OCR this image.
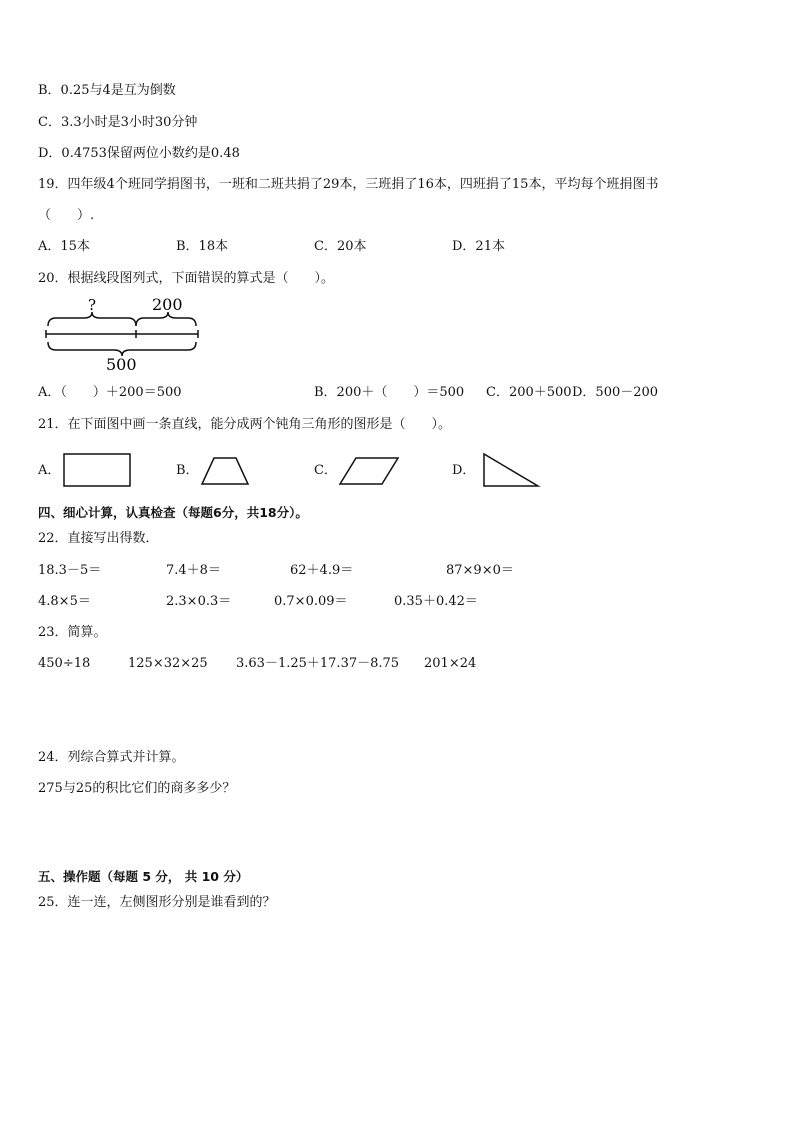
B．0.25与4是互为倒数
C．3.3小时是3小时30分钟
D．0.4753保留两位小数约是0.48
19．四年级4个班同学捐图书，一班和二班共捐了29本，三班捐了16本，四班捐了15本，平均每个班捐图书
（　　）.
A．15本	B．18本	C．20本	D．21本
20．根据线段图列式，下面错误的算式是（　　）。
?	200
500
A．（　　）＋200＝500	B．200＋（　　）＝500 C．200＋500 D．500－200
21．在下面图中画一条直线，能分成两个钝角三角形的图形是（　　）。
A．	B．	C．	D．
四、细心计算，认真检查（每题6分，共18分）。
22．直接写出得数．
18.3－5＝	7.4＋8＝	62＋4.9＝	87×9×0＝
4.8×5＝	2.3×0.3＝	0.7×0.09＝	0.35＋0.42＝
23．简算。
450÷18	125×32×25 3.63－1.25＋17.37－8.75 201×24
24．列综合算式并计算。
275与25的积比它们的商多多少？
五、操作题（每题 5 分， 共 10 分）
25．连一连，左侧图形分别是谁看到的？
